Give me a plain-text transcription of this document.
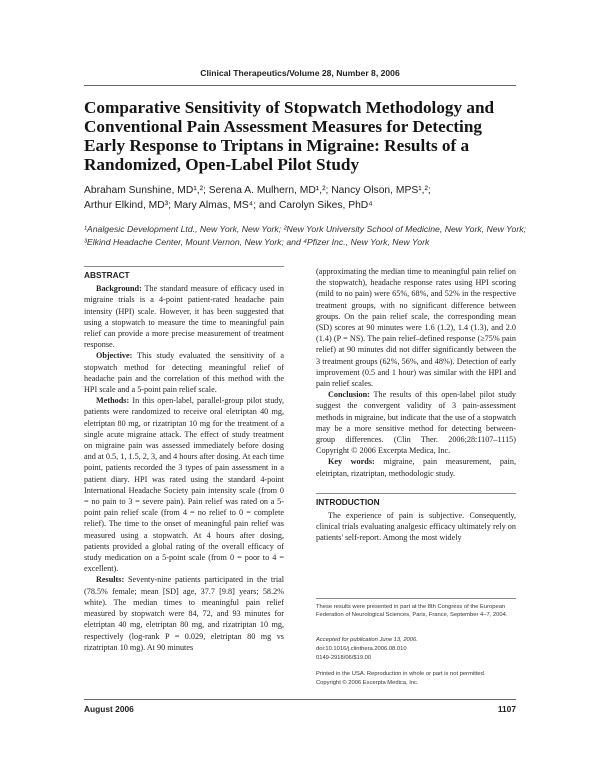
Clinical Therapeutics/Volume 28, Number 8, 2006
Comparative Sensitivity of Stopwatch Methodology and Conventional Pain Assessment Measures for Detecting Early Response to Triptans in Migraine: Results of a Randomized, Open-Label Pilot Study
Abraham Sunshine, MD¹,²; Serena A. Mulhern, MD¹,²; Nancy Olson, MPS¹,²;
Arthur Elkind, MD³; Mary Almas, MS⁴; and Carolyn Sikes, PhD⁴
¹Analgesic Development Ltd., New York, New York; ²New York University School of Medicine, New York, New York; ³Elkind Headache Center, Mount Vernon, New York; and ⁴Pfizer Inc., New York, New York
ABSTRACT

Background: The standard measure of efficacy used in migraine trials is a 4-point patient-rated headache pain intensity (HPI) scale. However, it has been suggested that using a stopwatch to measure the time to meaningful pain relief can provide a more precise measurement of treatment response.

Objective: This study evaluated the sensitivity of a stopwatch method for detecting meaningful relief of headache pain and the correlation of this method with the HPI scale and a 5-point pain relief scale.

Methods: In this open-label, parallel-group pilot study, patients were randomized to receive oral eletriptan 40 mg, eletriptan 80 mg, or rizatriptan 10 mg for the treatment of a single acute migraine attack. The effect of study treatment on migraine pain was assessed immediately before dosing and at 0.5, 1, 1.5, 2, 3, and 4 hours after dosing. At each time point, patients recorded the 3 types of pain assessment in a patient diary. HPI was rated using the standard 4-point International Headache Society pain intensity scale (from 0 = no pain to 3 = severe pain). Pain relief was rated on a 5-point pain relief scale (from 4 = no relief to 0 = complete relief). The time to the onset of meaningful pain relief was measured using a stopwatch. At 4 hours after dosing, patients provided a global rating of the overall efficacy of study medication on a 5-point scale (from 0 = poor to 4 = excellent).

Results: Seventy-nine patients participated in the trial (78.5% female; mean [SD] age, 37.7 [9.8] years; 58.2% white). The median times to meaningful pain relief measured by stopwatch were 84, 72, and 93 minutes for eletriptan 40 mg, eletriptan 80 mg, and rizatriptan 10 mg, respectively (log-rank P = 0.029, eletriptan 80 mg vs rizatriptan 10 mg). At 90 minutes

(approximating the median time to meaningful pain relief on the stopwatch), headache response rates using HPI scoring (mild to no pain) were 65%, 68%, and 52% in the respective treatment groups, with no significant difference between groups. On the pain relief scale, the corresponding mean (SD) scores at 90 minutes were 1.6 (1.2), 1.4 (1.3), and 2.0 (1.4) (P = NS). The pain relief–defined response (≥75% pain relief) at 90 minutes did not differ significantly between the 3 treatment groups (62%, 56%, and 48%). Detection of early improvement (0.5 and 1 hour) was similar with the HPI and pain relief scales.

Conclusion: The results of this open-label pilot study suggest the convergent validity of 3 pain-assessment methods in migraine, but indicate that the use of a stopwatch may be a more sensitive method for detecting between-group differences. (Clin Ther. 2006;28:1107–1115) Copyright © 2006 Excerpta Medica, Inc.

Key words: migraine, pain measurement, pain, eletriptan, rizatriptan, methodologic study.

INTRODUCTION

The experience of pain is subjective. Consequently, clinical trials evaluating analgesic efficacy ultimately rely on patients' self-report. Among the most widely

These results were presented in part at the 8th Congress of the European Federation of Neurological Sciences, Paris, France, September 4–7, 2004.
Accepted for publication June 13, 2006.
doi:10.1016/j.clinthera.2006.08.010
0149-2918/06/$19.00
Printed in the USA. Reproduction in whole or part is not permitted.
Copyright © 2006 Excerpta Medica, Inc.
August 2006	1107
